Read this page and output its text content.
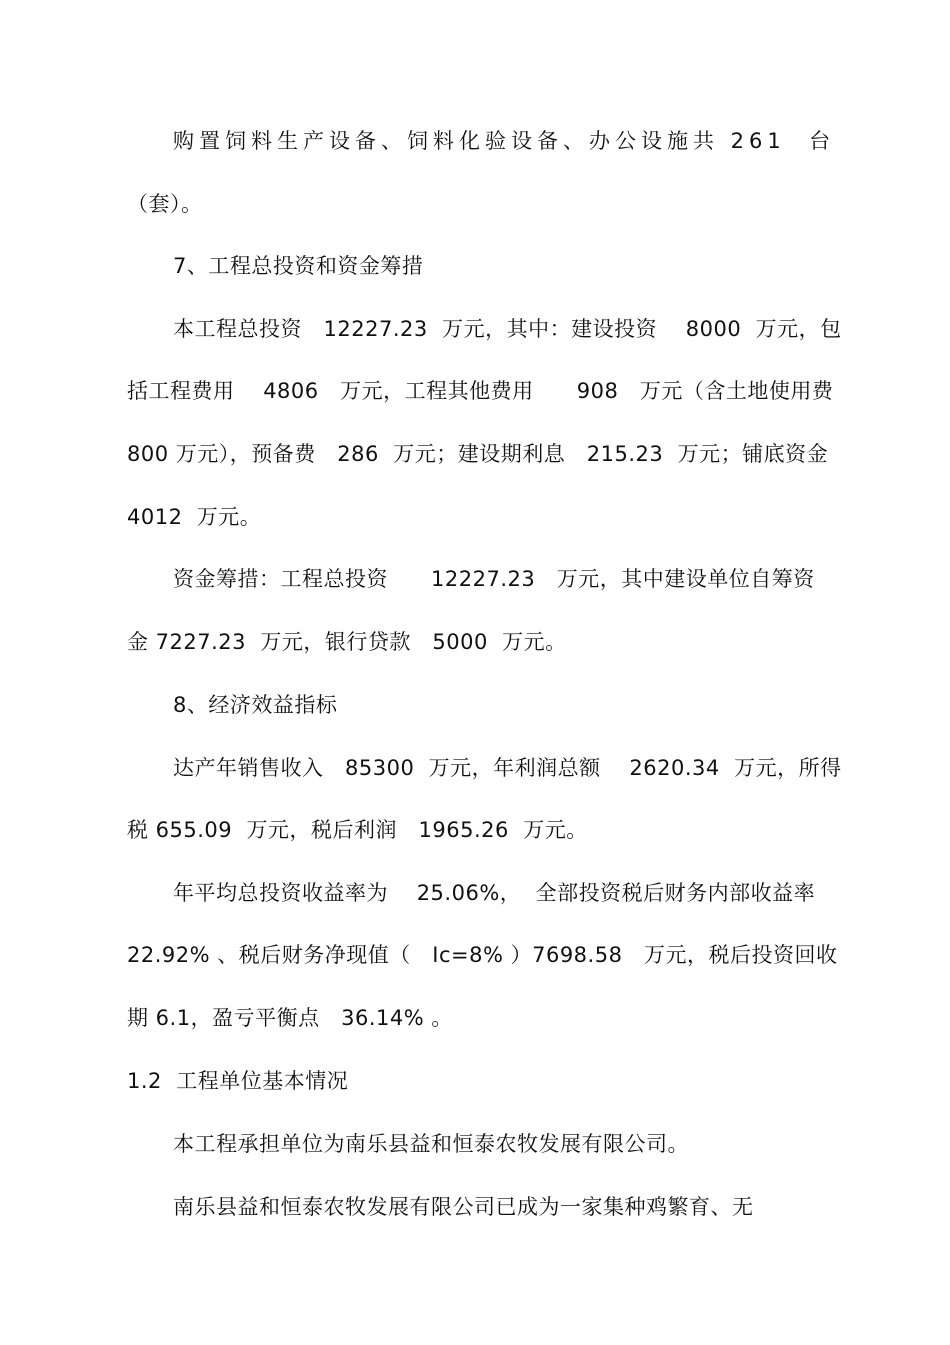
购置饲料生产设备、饲料化验设备、办公设施共 261  台
（套）。
7、工程总投资和资金筹措
本工程总投资   12227.23  万元，其中：建设投资    8000  万元，包
括工程费用    4806   万元，工程其他费用      908   万元（含土地使用费
800 万元），预备费   286  万元；建设期利息   215.23  万元；铺底资金
4012  万元。
资金筹措：工程总投资      12227.23   万元，其中建设单位自筹资
金 7227.23  万元，银行贷款   5000  万元。
8、经济效益指标
达产年销售收入   85300  万元，年利润总额    2620.34  万元，所得
税 655.09  万元，税后利润   1965.26  万元。
年平均总投资收益率为    25.06%，  全部投资税后财务内部收益率
22.92% 、税后财务净现值（   Ic=8% ）7698.58   万元，税后投资回收
期 6.1，盈亏平衡点   36.14% 。
1.2  工程单位基本情况
本工程承担单位为南乐县益和恒泰农牧发展有限公司。
南乐县益和恒泰农牧发展有限公司已成为一家集种鸡繁育、无
